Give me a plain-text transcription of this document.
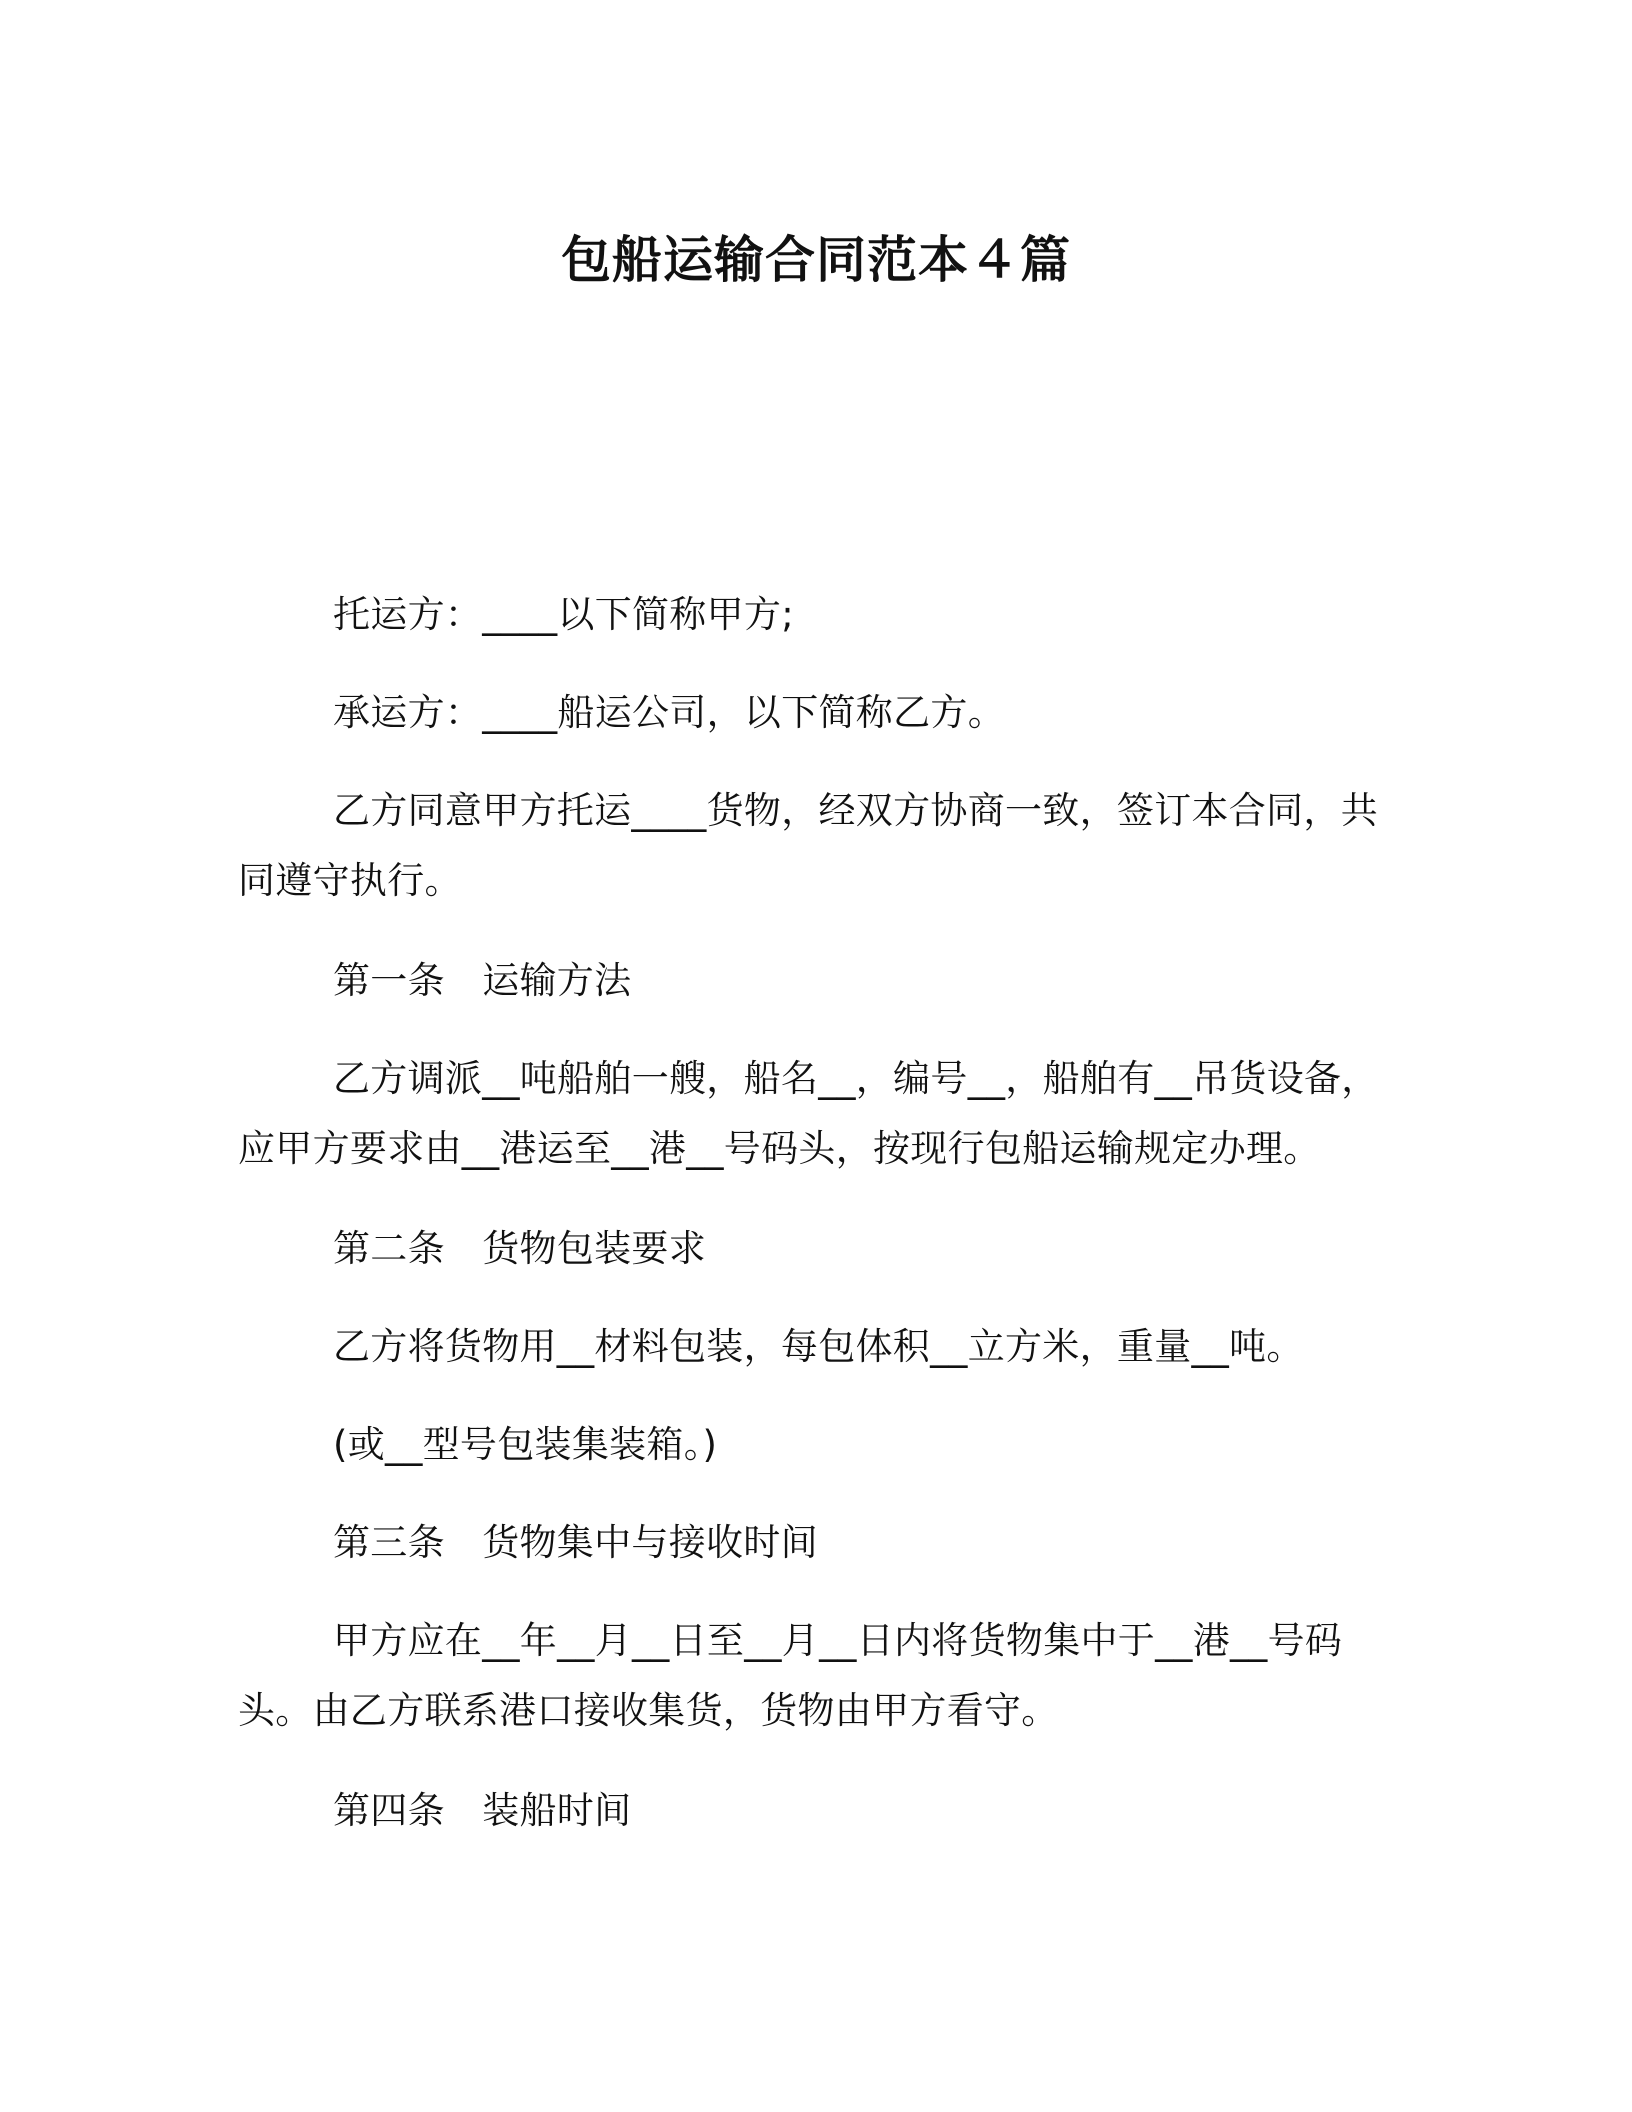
包船运输合同范本４篇

托运方：____以下简称甲方;

承运方：____船运公司，以下简称乙方。

乙方同意甲方托运____货物，经双方协商一致，签订本合同，共同遵守执行。

第一条　运输方法

乙方调派__吨船舶一艘，船名__，编号__，船舶有__吊货设备，应甲方要求由__港运至__港__号码头，按现行包船运输规定办理。

第二条　货物包装要求

乙方将货物用__材料包装，每包体积__立方米，重量__吨。

(或__型号包装集装箱。)

第三条　货物集中与接收时间

甲方应在__年__月__日至__月__日内将货物集中于__港__号码头。由乙方联系港口接收集货，货物由甲方看守。

第四条　装船时间
